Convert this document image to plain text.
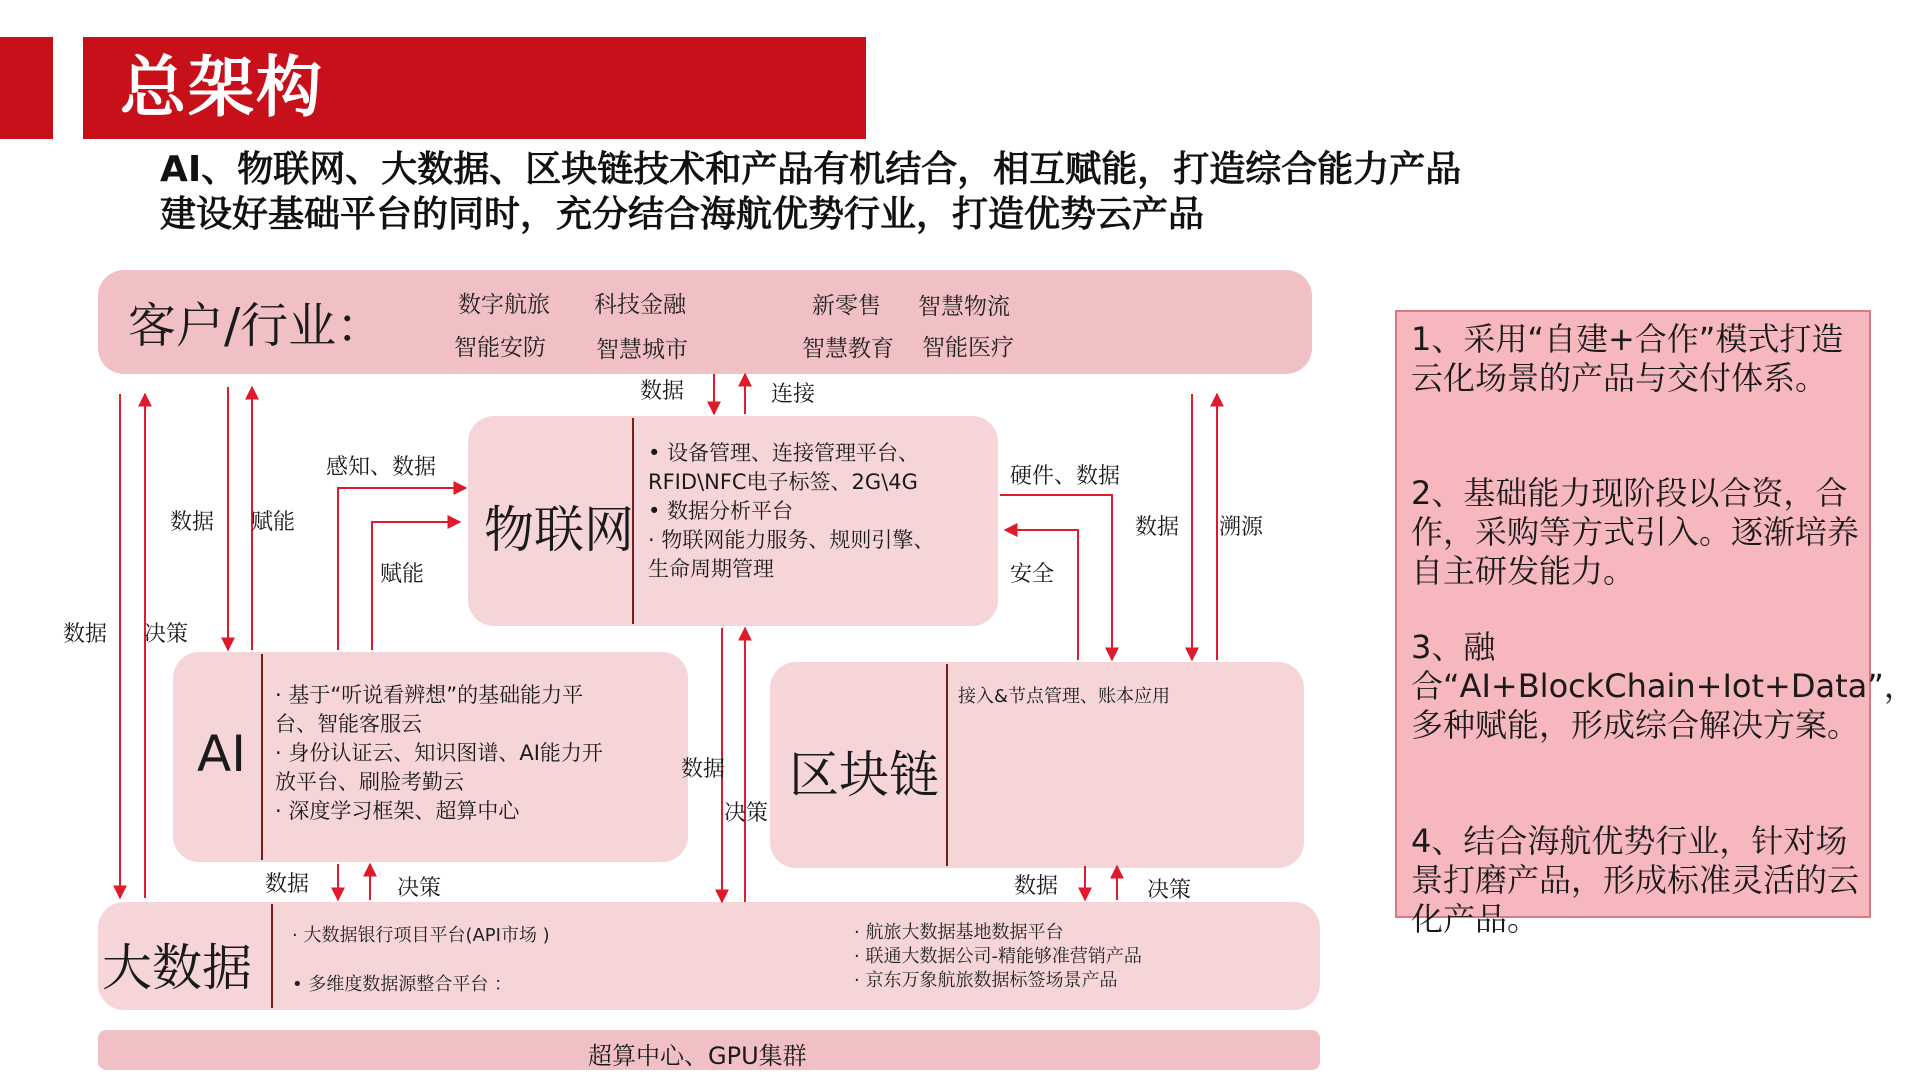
总架构
AI、物联网、大数据、区块链技术和产品有机结合，相互赋能，打造综合能力产品
建设好基础平台的同时，充分结合海航优势行业，打造优势云产品
客户/行业：	数字航旅 科技金融	新零售 智慧物流
智能安防 智慧城市	智慧教育 智能医疗
物联网
• 设备管理、连接管理平台、
RFID\NFC电子标签、2G\4G
• 数据分析平台
· 物联网能力服务、规则引擎、
生命周期管理
AI
· 基于“听说看辨想”的基础能力平
台、智能客服云
· 身份认证云、知识图谱、AI能力开
放平台、刷脸考勤云
· 深度学习框架、超算中心
区块链
接入&节点管理、账本应用
大数据
· 大数据银行项目平台(API市场 )
• 多维度数据源整合平台 ：
· 航旅大数据基地数据平台
· 联通大数据公司-精能够准营销产品
· 京东万象航旅数据标签场景产品
超算中心、GPU集群
数据	连接
感知、数据	硬件、数据
数据 赋能
赋能	安全
数据 溯源
数据 决策
数据
决策
数据	决策	数据	决策
1、采用“自建+合作”模式打造云化场景的产品与交付体系。
2、基础能力现阶段以合资，合作，采购等方式引入。逐渐培养自主研发能力。
3、融合“AI+BlockChain+Iot+Data”，多种赋能，形成综合解决方案。
4、结合海航优势行业，针对场景打磨产品，形成标准灵活的云化产品。
